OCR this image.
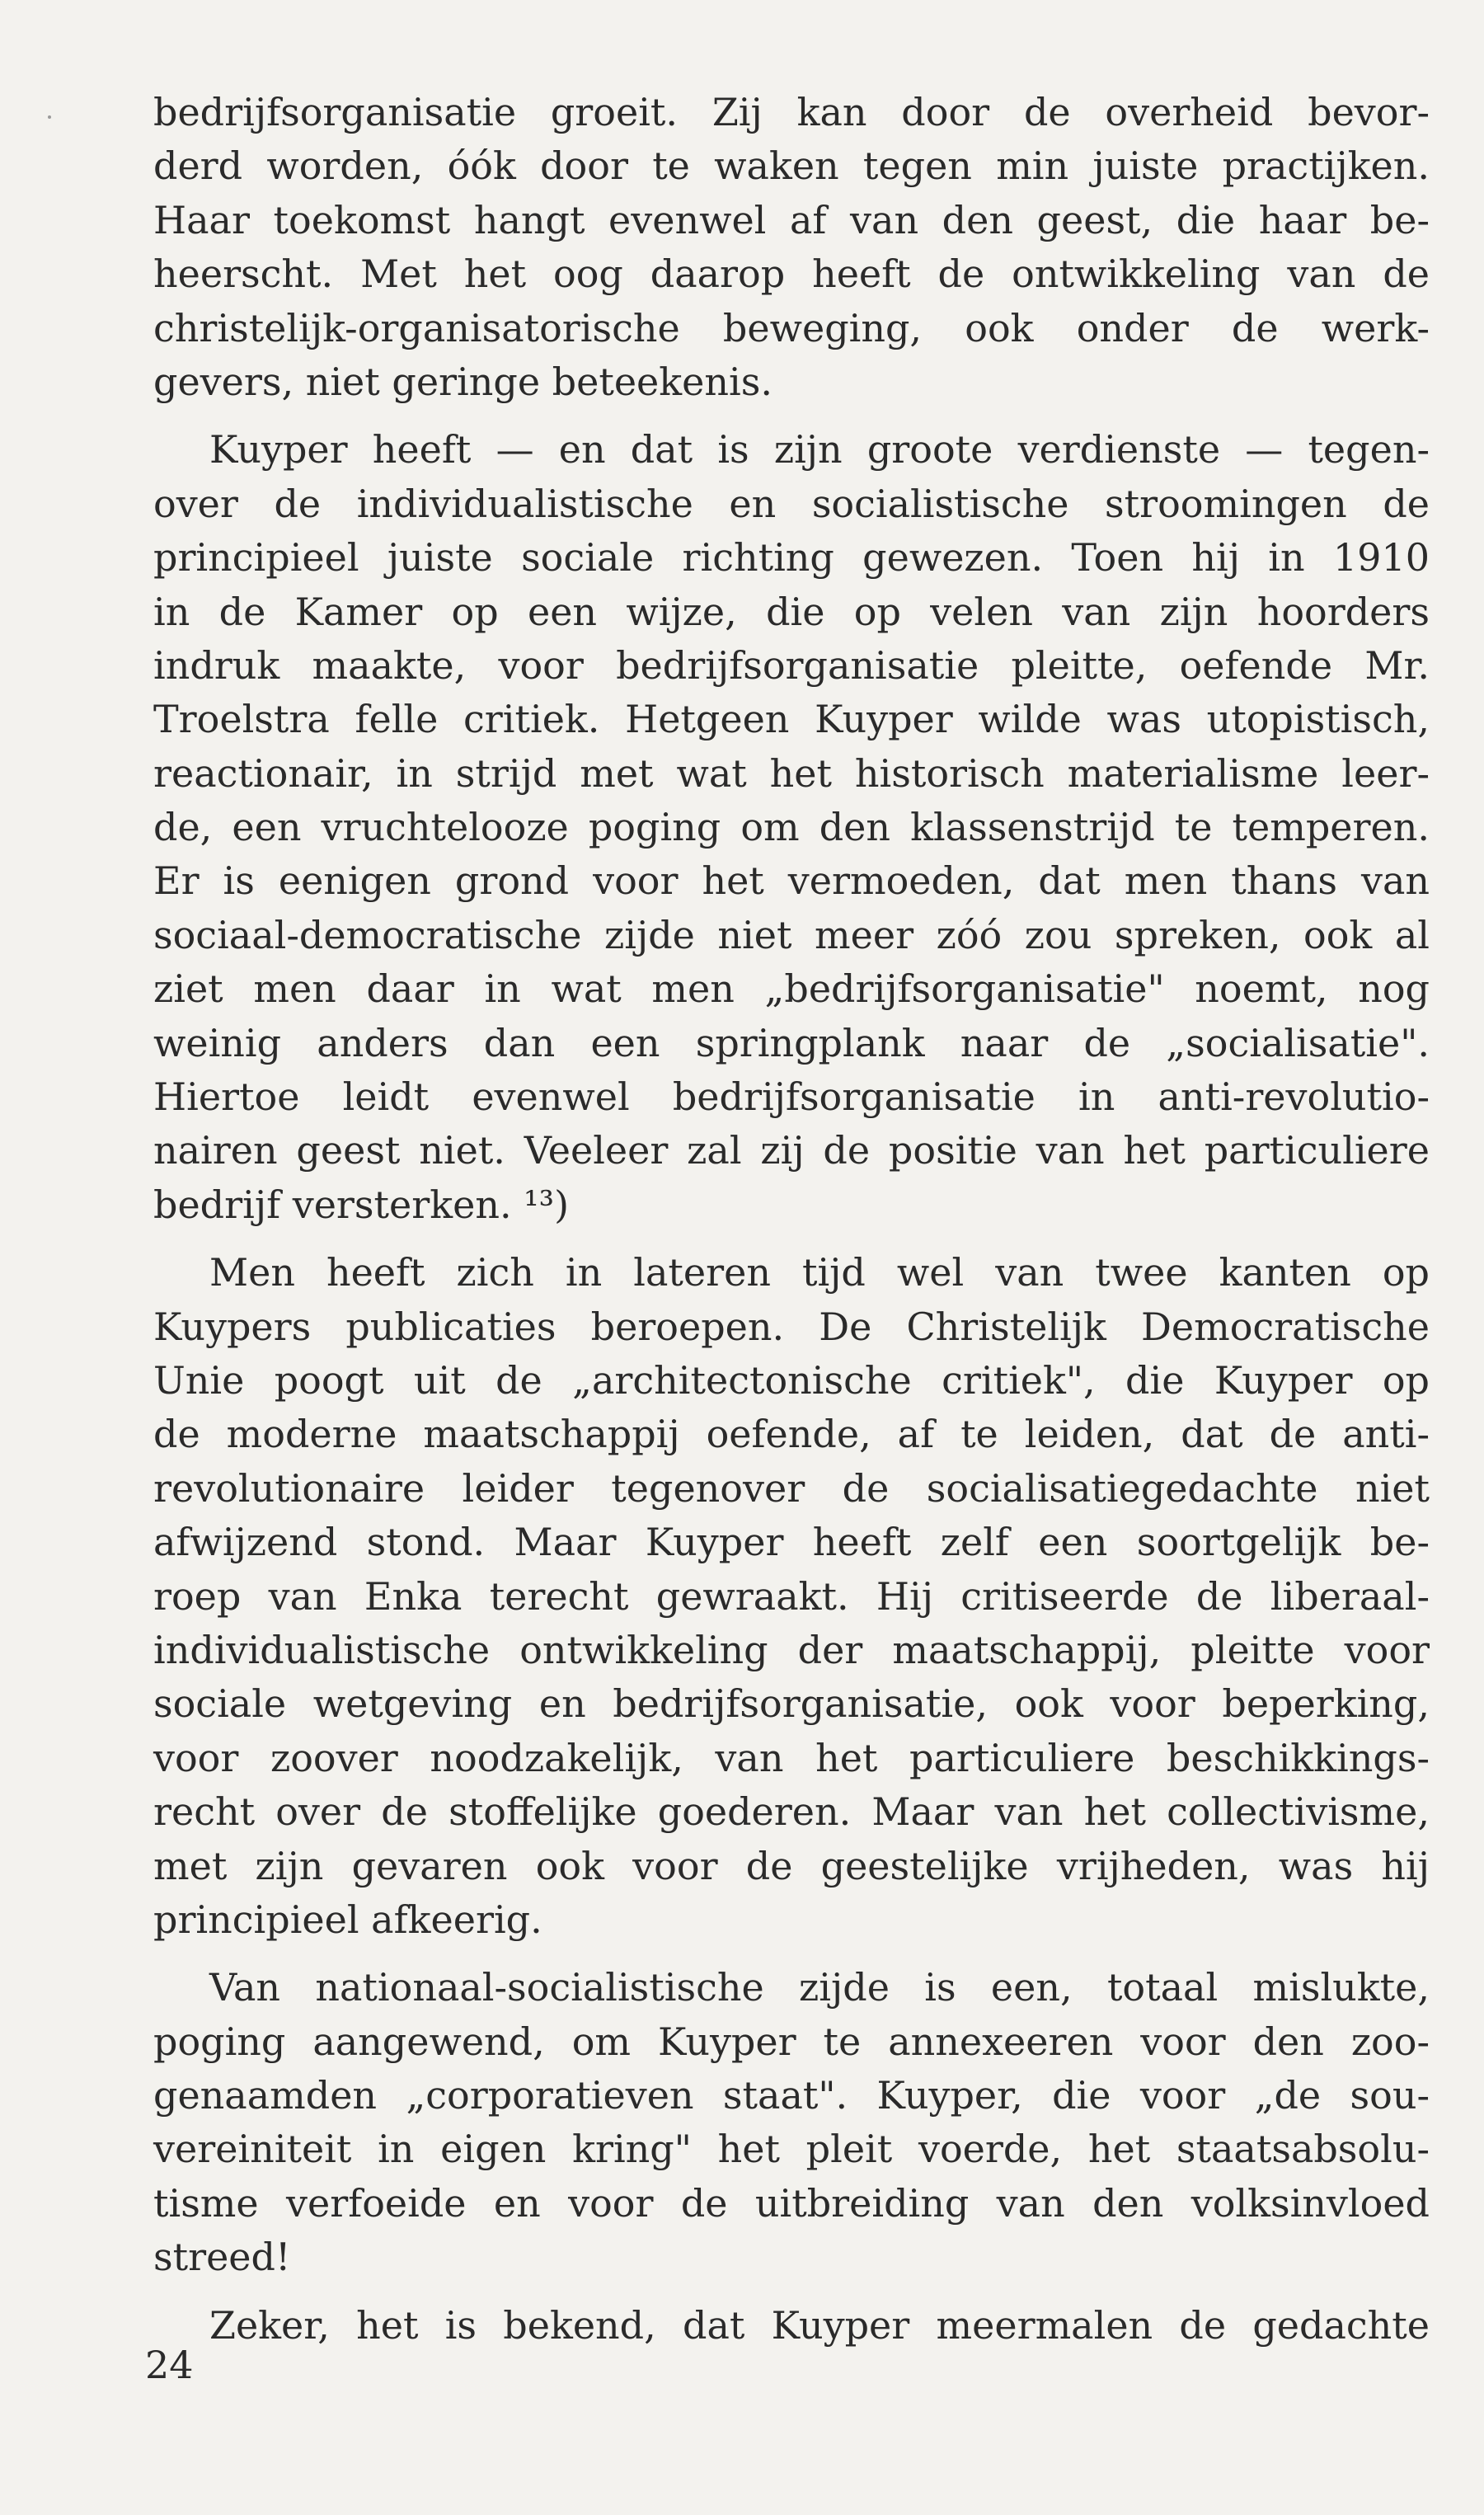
bedrijfsorganisatie groeit. Zij kan door de overheid bevor-
derd worden, óók door te waken tegen min juiste practijken.
Haar toekomst hangt evenwel af van den geest, die haar be-
heerscht. Met het oog daarop heeft de ontwikkeling van de
christelijk-organisatorische beweging, ook onder de werk-
gevers, niet geringe beteekenis.
Kuyper heeft — en dat is zijn groote verdienste — tegen-
over de individualistische en socialistische stroomingen de
principieel juiste sociale richting gewezen. Toen hij in 1910
in de Kamer op een wijze, die op velen van zijn hoorders
indruk maakte, voor bedrijfsorganisatie pleitte, oefende Mr.
Troelstra felle critiek. Hetgeen Kuyper wilde was utopistisch,
reactionair, in strijd met wat het historisch materialisme leer-
de, een vruchtelooze poging om den klassenstrijd te temperen.
Er is eenigen grond voor het vermoeden, dat men thans van
sociaal-democratische zijde niet meer zóó zou spreken, ook al
ziet men daar in wat men „bedrijfsorganisatie" noemt, nog
weinig anders dan een springplank naar de „socialisatie".
Hiertoe leidt evenwel bedrijfsorganisatie in anti-revolutio-
nairen geest niet. Veeleer zal zij de positie van het particuliere
bedrijf versterken. ¹³)
Men heeft zich in lateren tijd wel van twee kanten op
Kuypers publicaties beroepen. De Christelijk Democratische
Unie poogt uit de „architectonische critiek", die Kuyper op
de moderne maatschappij oefende, af te leiden, dat de anti-
revolutionaire leider tegenover de socialisatiegedachte niet
afwijzend stond. Maar Kuyper heeft zelf een soortgelijk be-
roep van Enka terecht gewraakt. Hij critiseerde de liberaal-
individualistische ontwikkeling der maatschappij, pleitte voor
sociale wetgeving en bedrijfsorganisatie, ook voor beperking,
voor zoover noodzakelijk, van het particuliere beschikkings-
recht over de stoffelijke goederen. Maar van het collectivisme,
met zijn gevaren ook voor de geestelijke vrijheden, was hij
principieel afkeerig.
Van nationaal-socialistische zijde is een, totaal mislukte,
poging aangewend, om Kuyper te annexeeren voor den zoo-
genaamden „corporatieven staat". Kuyper, die voor „de sou-
vereiniteit in eigen kring" het pleit voerde, het staatsabsolu-
tisme verfoeide en voor de uitbreiding van den volksinvloed
streed!
Zeker, het is bekend, dat Kuyper meermalen de gedachte
24
